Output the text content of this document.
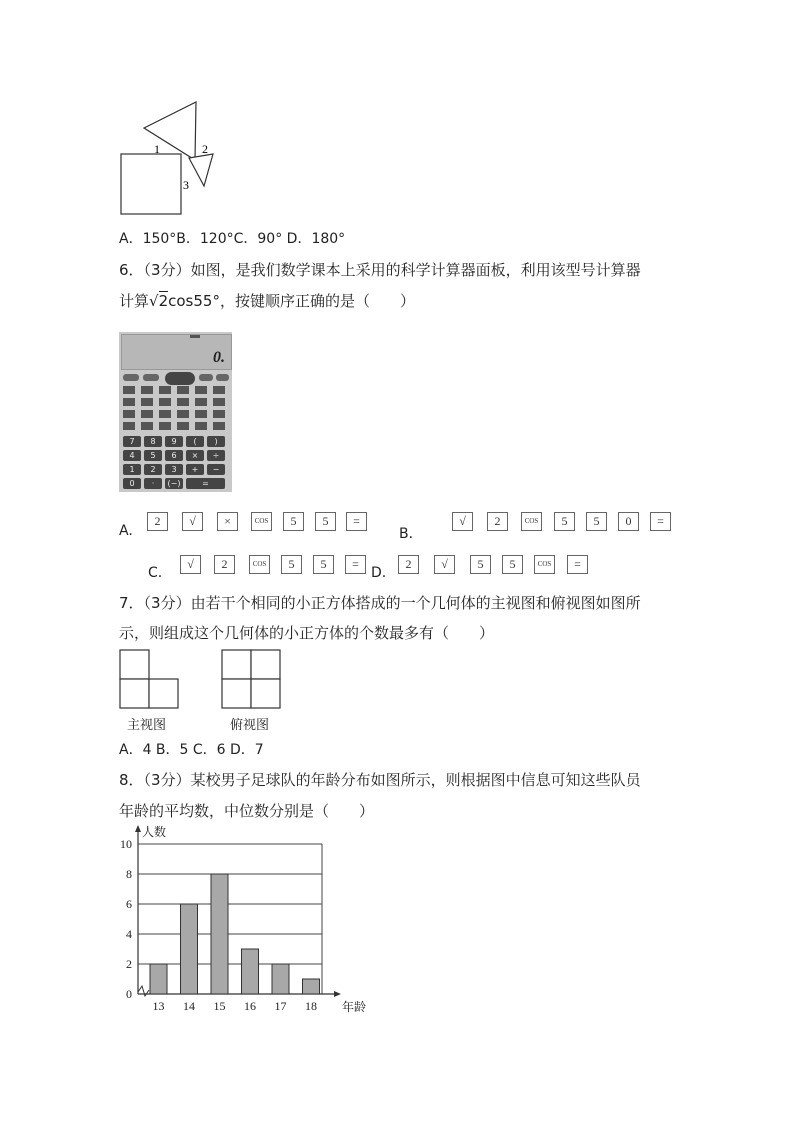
1	2
3
A．150°B．120°C．90° D．180°
6．（3分）如图，是我们数学课本上采用的科学计算器面板，利用该型号计算器
计算√2cos55°，按键顺序正确的是（　　）
0.
7	8	9	(	)
4	5	6	×	÷
1	2	3	+	−
0	·	(−)	=
A.
2	√	×	COS	5	5	=
B．
√	2	COS	5	5	0	=
C.
√	2	COS	5	5	=
D.
2	√	5	5	COS	=
7．（3分）由若干个相同的小正方体搭成的一个几何体的主视图和俯视图如图所
示，则组成这个几何体的小正方体的个数最多有（　　）
主视图	俯视图
A．4 B．5 C．6 D．7
8．（3分）某校男子足球队的年龄分布如图所示，则根据图中信息可知这些队员
年龄的平均数，中位数分别是（　　）
0
2
4
6
8
10
人数
13 14 15 16 17 18 年龄
